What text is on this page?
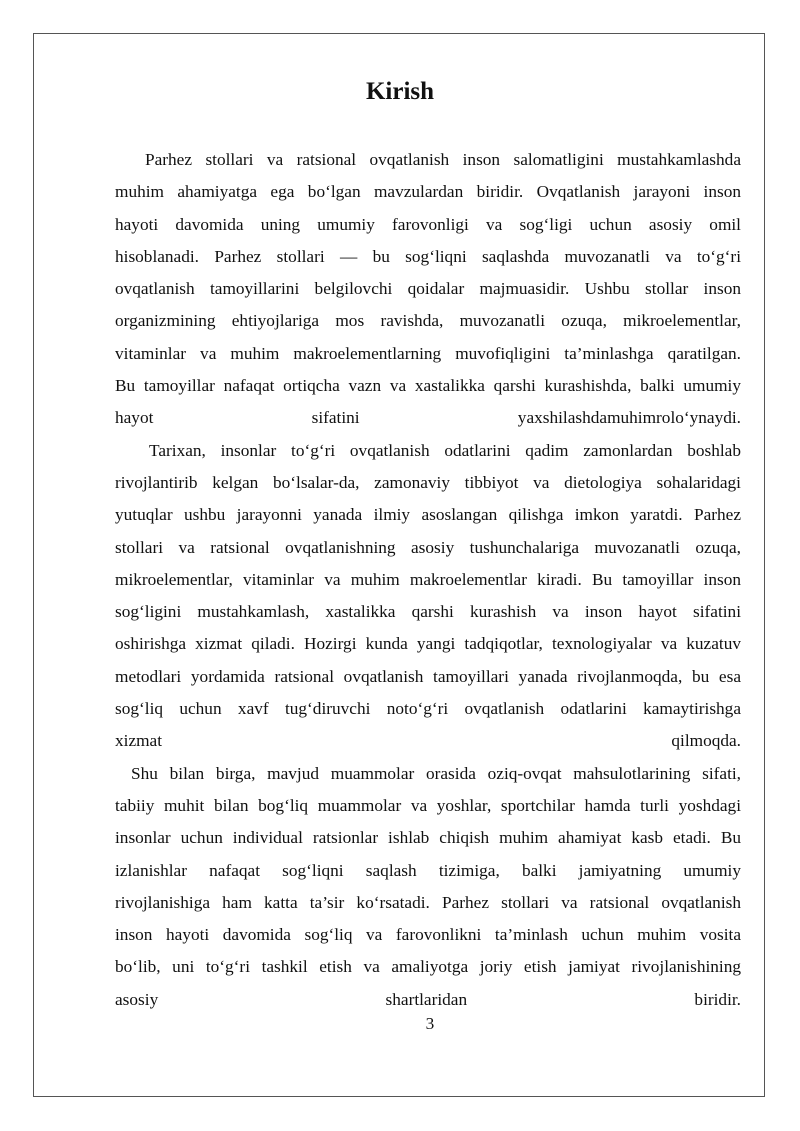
Kirish
Parhez stollari va ratsional ovqatlanish inson salomatligini mustahkamlashda
muhim ahamiyatga ega bo‘lgan mavzulardan biridir. Ovqatlanish jarayoni inson
hayoti davomida uning umumiy farovonligi va sog‘ligi uchun asosiy omil
hisoblanadi. Parhez stollari — bu sog‘liqni saqlashda muvozanatli va to‘g‘ri
ovqatlanish tamoyillarini belgilovchi qoidalar majmuasidir. Ushbu stollar inson
organizmining ehtiyojlariga mos ravishda, muvozanatli ozuqa, mikroelementlar,
vitaminlar va muhim makroelementlarning muvofiqligini ta’minlashga qaratilgan.
Bu tamoyillar nafaqat ortiqcha vazn va xastalikka qarshi kurashishda, balki umumiy
hayot sifatini yaxshilashdamuhimrolo‘ynaydi.
Tarixan, insonlar to‘g‘ri ovqatlanish odatlarini qadim zamonlardan boshlab
rivojlantirib kelgan bo‘lsalar-da, zamonaviy tibbiyot va dietologiya sohalaridagi
yutuqlar ushbu jarayonni yanada ilmiy asoslangan qilishga imkon yaratdi. Parhez
stollari va ratsional ovqatlanishning asosiy tushunchalariga muvozanatli ozuqa,
mikroelementlar, vitaminlar va muhim makroelementlar kiradi. Bu tamoyillar inson
sog‘ligini mustahkamlash, xastalikka qarshi kurashish va inson hayot sifatini
oshirishga xizmat qiladi. Hozirgi kunda yangi tadqiqotlar, texnologiyalar va kuzatuv
metodlari yordamida ratsional ovqatlanish tamoyillari yanada rivojlanmoqda, bu esa
sog‘liq uchun xavf tug‘diruvchi noto‘g‘ri ovqatlanish odatlarini kamaytirishga
xizmat qilmoqda.
Shu bilan birga, mavjud muammolar orasida oziq-ovqat mahsulotlarining sifati,
tabiiy muhit bilan bog‘liq muammolar va yoshlar, sportchilar hamda turli yoshdagi
insonlar uchun individual ratsionlar ishlab chiqish muhim ahamiyat kasb etadi. Bu
izlanishlar nafaqat sog‘liqni saqlash tizimiga, balki jamiyatning umumiy
rivojlanishiga ham katta ta’sir ko‘rsatadi. Parhez stollari va ratsional ovqatlanish
inson hayoti davomida sog‘liq va farovonlikni ta’minlash uchun muhim vosita
bo‘lib, uni to‘g‘ri tashkil etish va amaliyotga joriy etish jamiyat rivojlanishining
asosiy shartlaridan biridir.
3
